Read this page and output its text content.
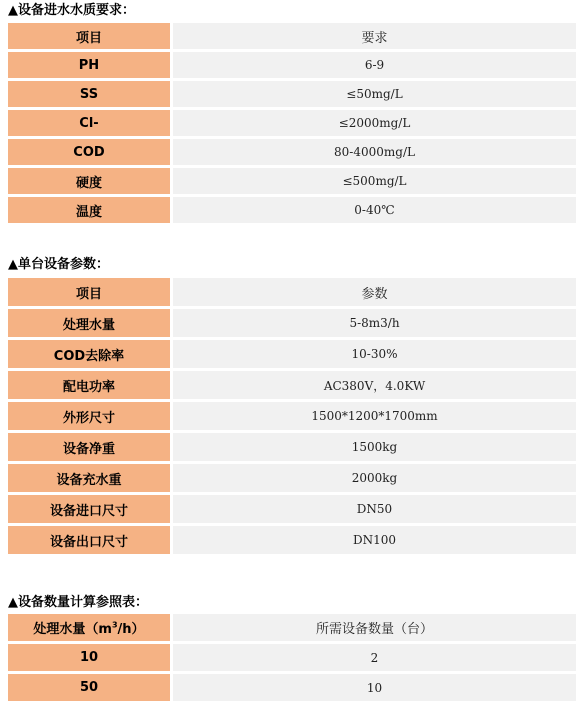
▲设备进水水质要求：
项目	要求
PH	6-9
SS	≤50mg/L
Cl-	≤2000mg/L
COD	80-4000mg/L
硬度	≤500mg/L
温度	0-40℃
▲单台设备参数：
项目	参数
处理水量	5-8m3/h
COD去除率	10-30%
配电功率	AC380V，4.0KW
外形尺寸	1500*1200*1700mm
设备净重	1500kg
设备充水重	2000kg
设备进口尺寸	DN50
设备出口尺寸	DN100
▲设备数量计算参照表：
处理水量$(m^3/h)$	所需设备数量（台）
10	2
50	10
